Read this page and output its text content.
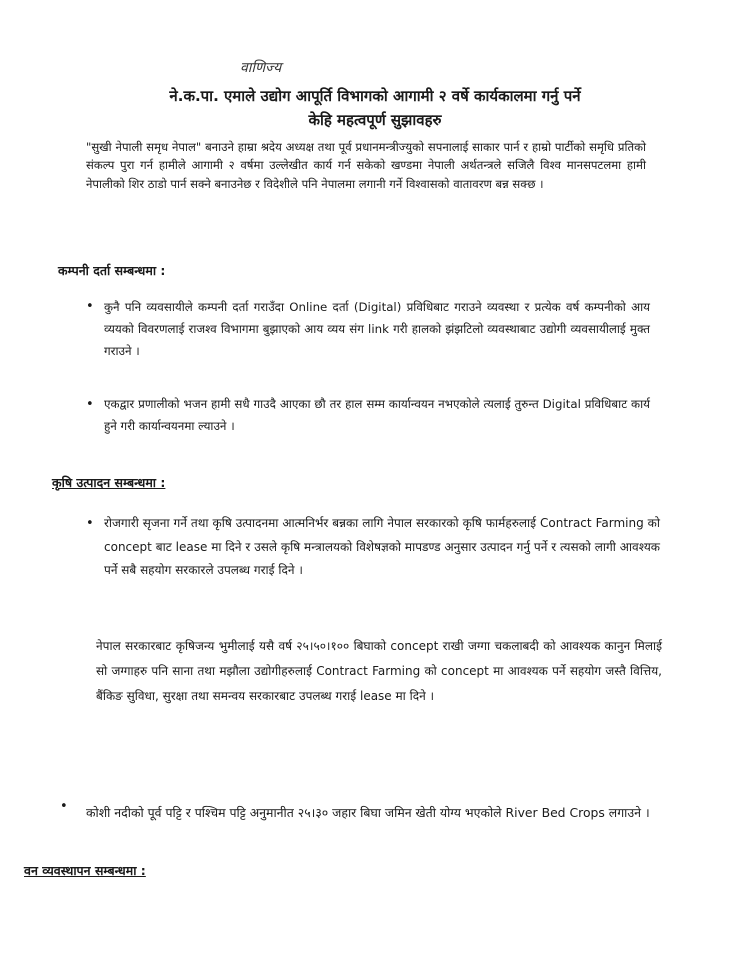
वाणिज्य
ने.क.पा. एमाले उद्योग आपूर्ति विभागको आगामी २ वर्षे कार्यकालमा गर्नु पर्ने
केहि महत्वपूर्ण सुझावहरु
"सुखी नेपाली समृध नेपाल" बनाउने हाम्रा श्रदेय अध्यक्ष तथा पूर्व प्रधानमन्त्रीज्युको सपनालाई साकार पार्न र हाम्रो पार्टीको समृधि प्रतिको संकल्प पुरा गर्न हामीले आगामी २ वर्षमा उल्लेखीत कार्य गर्न सकेको खण्डमा नेपाली अर्थतन्त्रले सजिलै विश्व मानसपटलमा हामी नेपालीको शिर ठाडो पार्न सक्ने बनाउनेछ र विदेशीले पनि नेपालमा लगानी गर्ने विश्वासको वातावरण बन्न सक्छ ।
कम्पनी दर्ता सम्बन्धमा :
• कुनै पनि व्यवसायीले कम्पनी दर्ता गराउँदा Online दर्ता (Digital) प्रविधिबाट गराउने व्यवस्था र प्रत्येक वर्ष कम्पनीको आय व्ययको विवरणलाई राजश्व विभागमा बुझाएको आय व्यय संग link गरी हालको झंझटिलो व्यवस्थाबाट उद्योगी व्यवसायीलाई मुक्त गराउने ।
• एकद्वार प्रणालीको भजन हामी सधै गाउदै आएका छौ तर हाल सम्म कार्यान्वयन नभएकोले त्यलाई तुरुन्त Digital प्रविधिबाट कार्य हुने गरी कार्यान्वयनमा ल्याउने ।
कृषि उत्पादन सम्बन्धमा :
• रोजगारी सृजना गर्ने तथा कृषि उत्पादनमा आत्मनिर्भर बन्नका लागि नेपाल सरकारको कृषि फार्महरुलाई Contract Farming को concept बाट lease मा दिने र उसले कृषि मन्त्रालयको विशेषज्ञको मापडण्ड अनुसार उत्पादन गर्नु पर्ने र त्यसको लागी आवश्यक पर्ने सबै सहयोग सरकारले उपलब्ध गराई दिने ।
नेपाल सरकारबाट कृषिजन्य भुमीलाई यसै वर्ष २५।५०।१०० बिघाको concept राखी जग्गा चकलाबदी को आवश्यक कानुन मिलाई सो जग्गाहरु पनि साना तथा मझौला उद्योगीहरुलाई Contract Farming को concept मा आवश्यक पर्ने सहयोग जस्तै वित्तिय, बैंकिङ सुविधा, सुरक्षा तथा समन्वय सरकारबाट उपलब्ध गराई lease मा दिने ।
• कोशी नदीको पूर्व पट्टि र पश्चिम पट्टि अनुमानीत २५।३० जहार बिघा जमिन खेती योग्य भएकोले River Bed Crops लगाउने ।
वन व्यवस्थापन सम्बन्धमा :
